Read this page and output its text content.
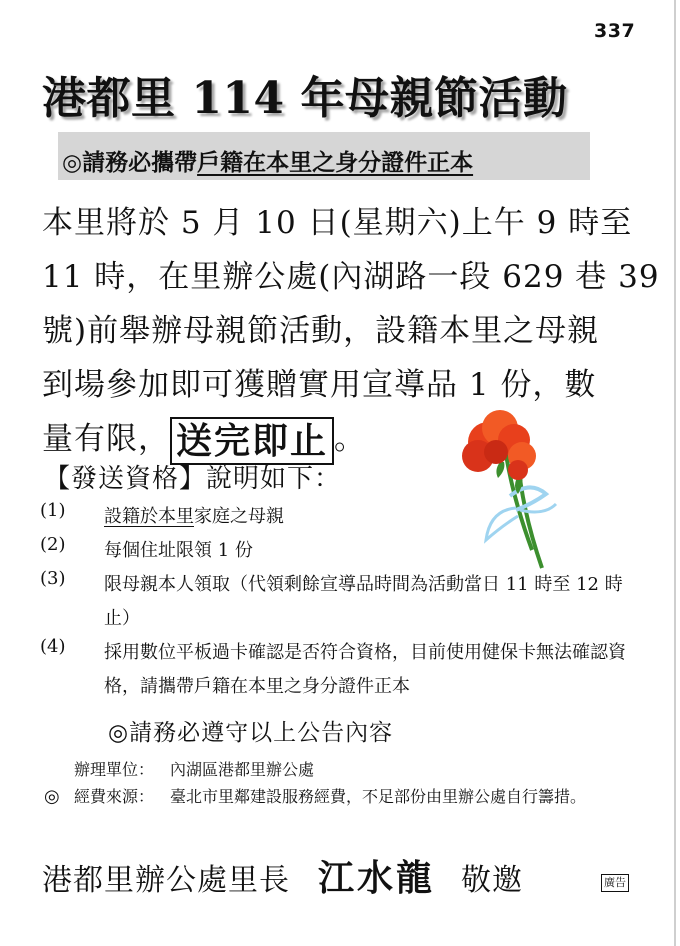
337
港都里 114 年母親節活動
◎請務必攜帶戶籍在本里之身分證件正本
本里將於 5 月 10 日(星期六)上午 9 時至
11 時，在里辦公處(內湖路一段 629 巷 39
號)前舉辦母親節活動，設籍本里之母親
到場參加即可獲贈實用宣導品 1 份，數
量有限， 送完即止 。
【發送資格】說明如下：
(1) 設籍於本里家庭之母親
(2) 每個住址限領 1 份
(3) 限母親本人領取（代領剩餘宣導品時間為活動當日 11 時至 12 時止）
(4) 採用數位平板過卡確認是否符合資格，目前使用健保卡無法確認資格，請攜帶戶籍在本里之身分證件正本
◎請務必遵守以上公告內容
辦理單位： 內湖區港都里辦公處
◎ 經費來源： 臺北市里鄰建設服務經費，不足部份由里辦公處自行籌措。
港都里辦公處里長 江水龍 敬邀	廣告
